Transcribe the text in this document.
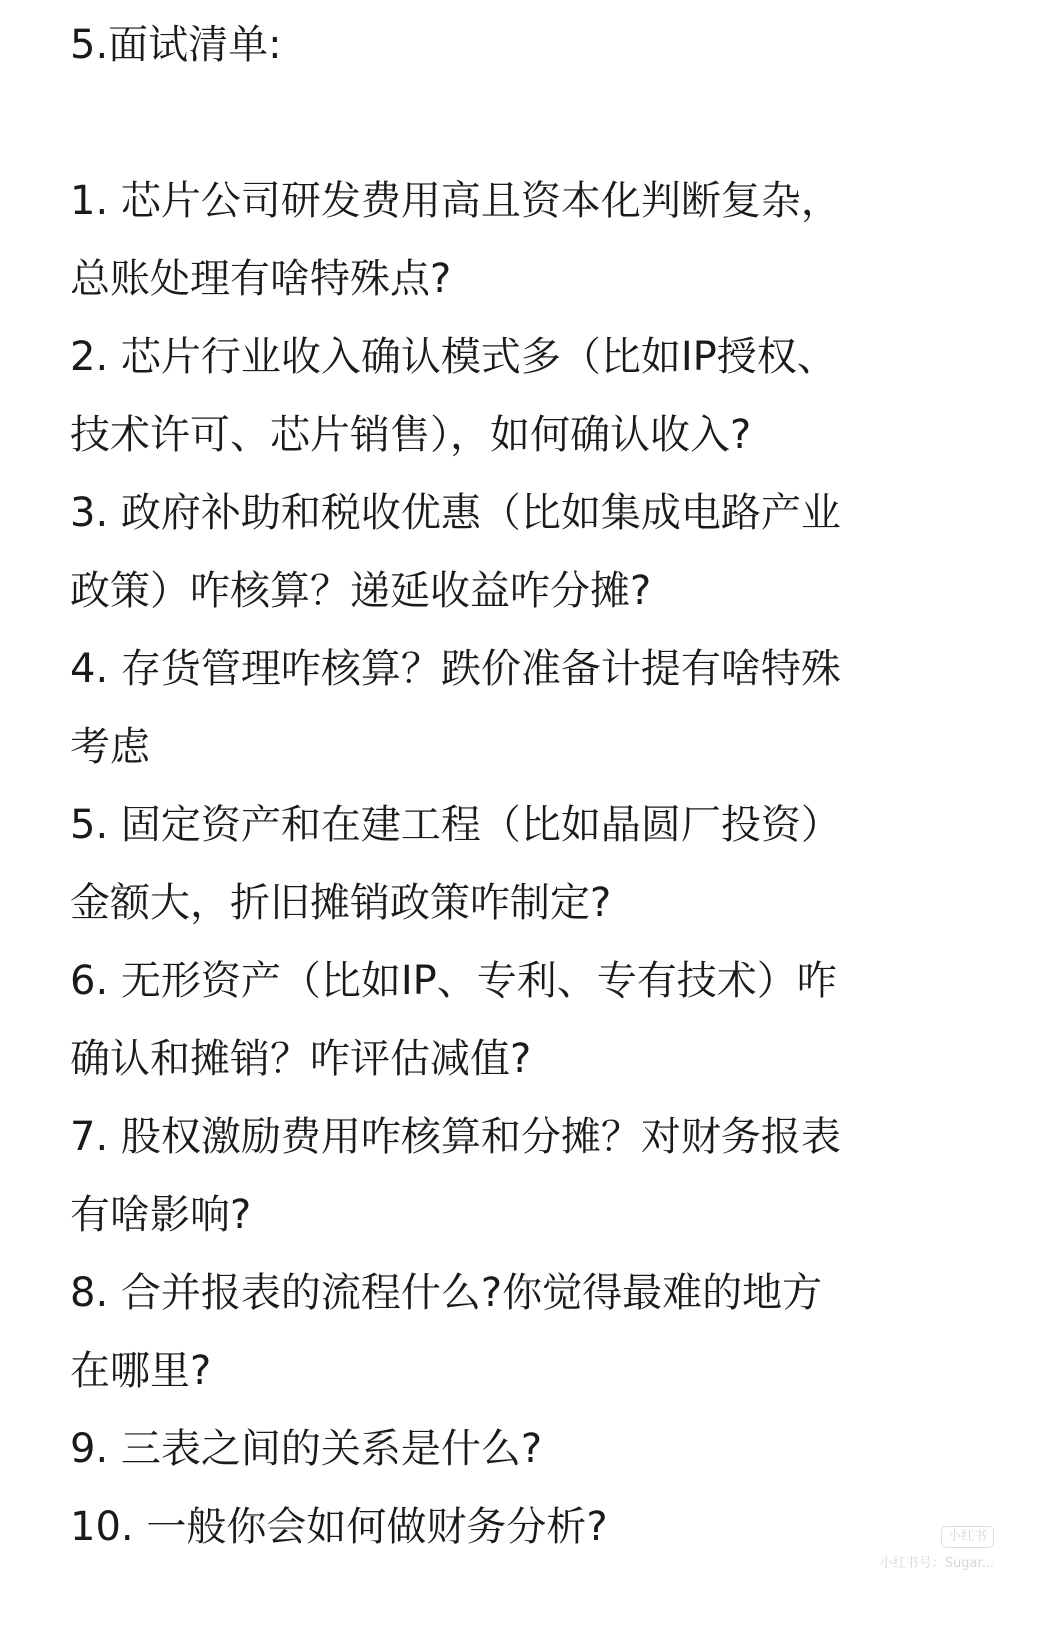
5.面试清单:
1. 芯片公司研发费用高且资本化判断复杂，
总账处理有啥特殊点?
2. 芯片行业收入确认模式多（比如IP授权、
技术许可、芯片销售），如何确认收入?
3. 政府补助和税收优惠（比如集成电路产业
政策）咋核算？递延收益咋分摊?
4. 存货管理咋核算？跌价准备计提有啥特殊
考虑
5. 固定资产和在建工程（比如晶圆厂投资）
金额大，折旧摊销政策咋制定?
6. 无形资产（比如IP、专利、专有技术）咋
确认和摊销？咋评估减值?
7. 股权激励费用咋核算和分摊？对财务报表
有啥影响?
8. 合并报表的流程什么?你觉得最难的地方
在哪里?
9. 三表之间的关系是什么?
10. 一般你会如何做财务分析?	小红书
小红书号：Sugar...
